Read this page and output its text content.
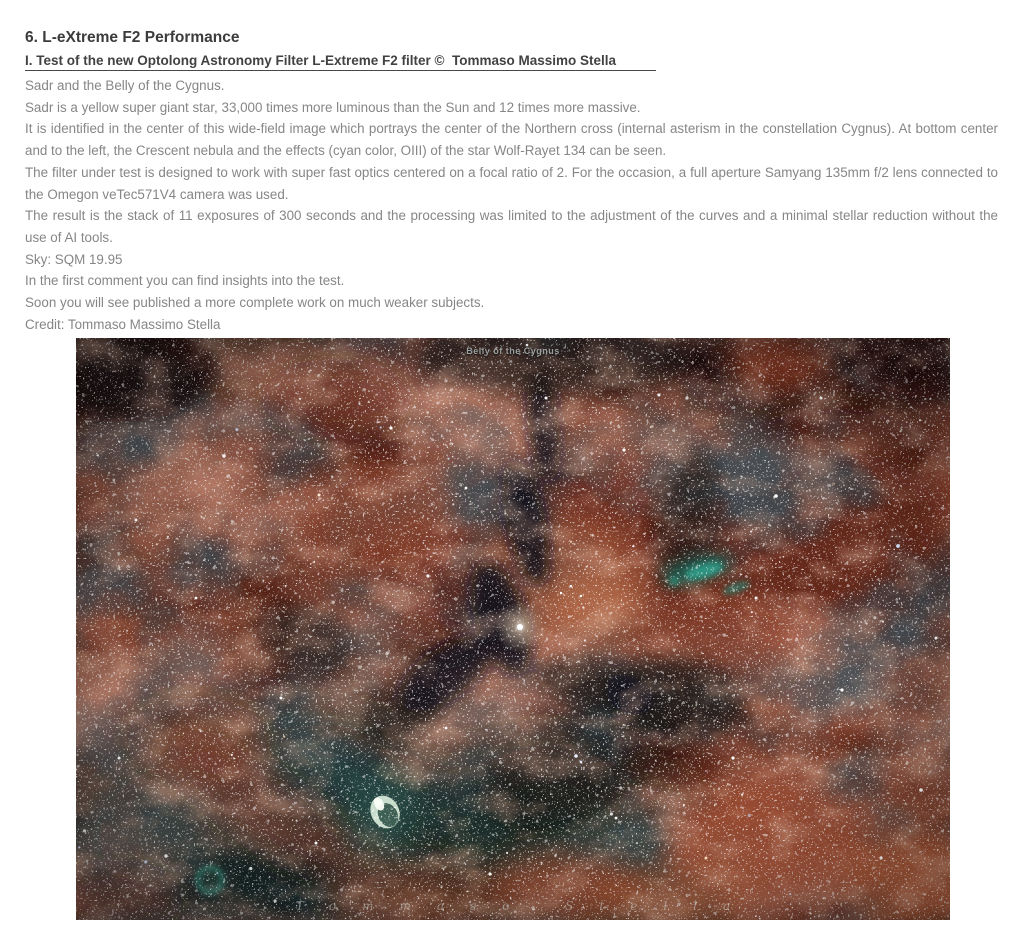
6. L-eXtreme F2 Performance
I. Test of the new Optolong Astronomy Filter L-Extreme F2 filter ©  Tommaso Massimo Stella

Sadr and the Belly of the Cygnus.

Sadr is a yellow super giant star, 33,000 times more luminous than the Sun and 12 times more massive.

It is identified in the center of this wide-field image which portrays the center of the Northern cross (internal asterism in the constellation Cygnus). At bottom center and to the left, the Crescent nebula and the effects (cyan color, OIII) of the star Wolf-Rayet 134 can be seen.

The filter under test is designed to work with super fast optics centered on a focal ratio of 2. For the occasion, a full aperture Samyang 135mm f/2 lens connected to the Omegon veTec571V4 camera was used.

The result is the stack of 11 exposures of 300 seconds and the processing was limited to the adjustment of the curves and a minimal stellar reduction without the use of AI tools.

Sky: SQM 19.95

In the first comment you can find insights into the test.

Soon you will see published a more complete work on much weaker subjects.

Credit: Tommaso Massimo Stella

Belly of the Cygnus
Tommaso Stella
